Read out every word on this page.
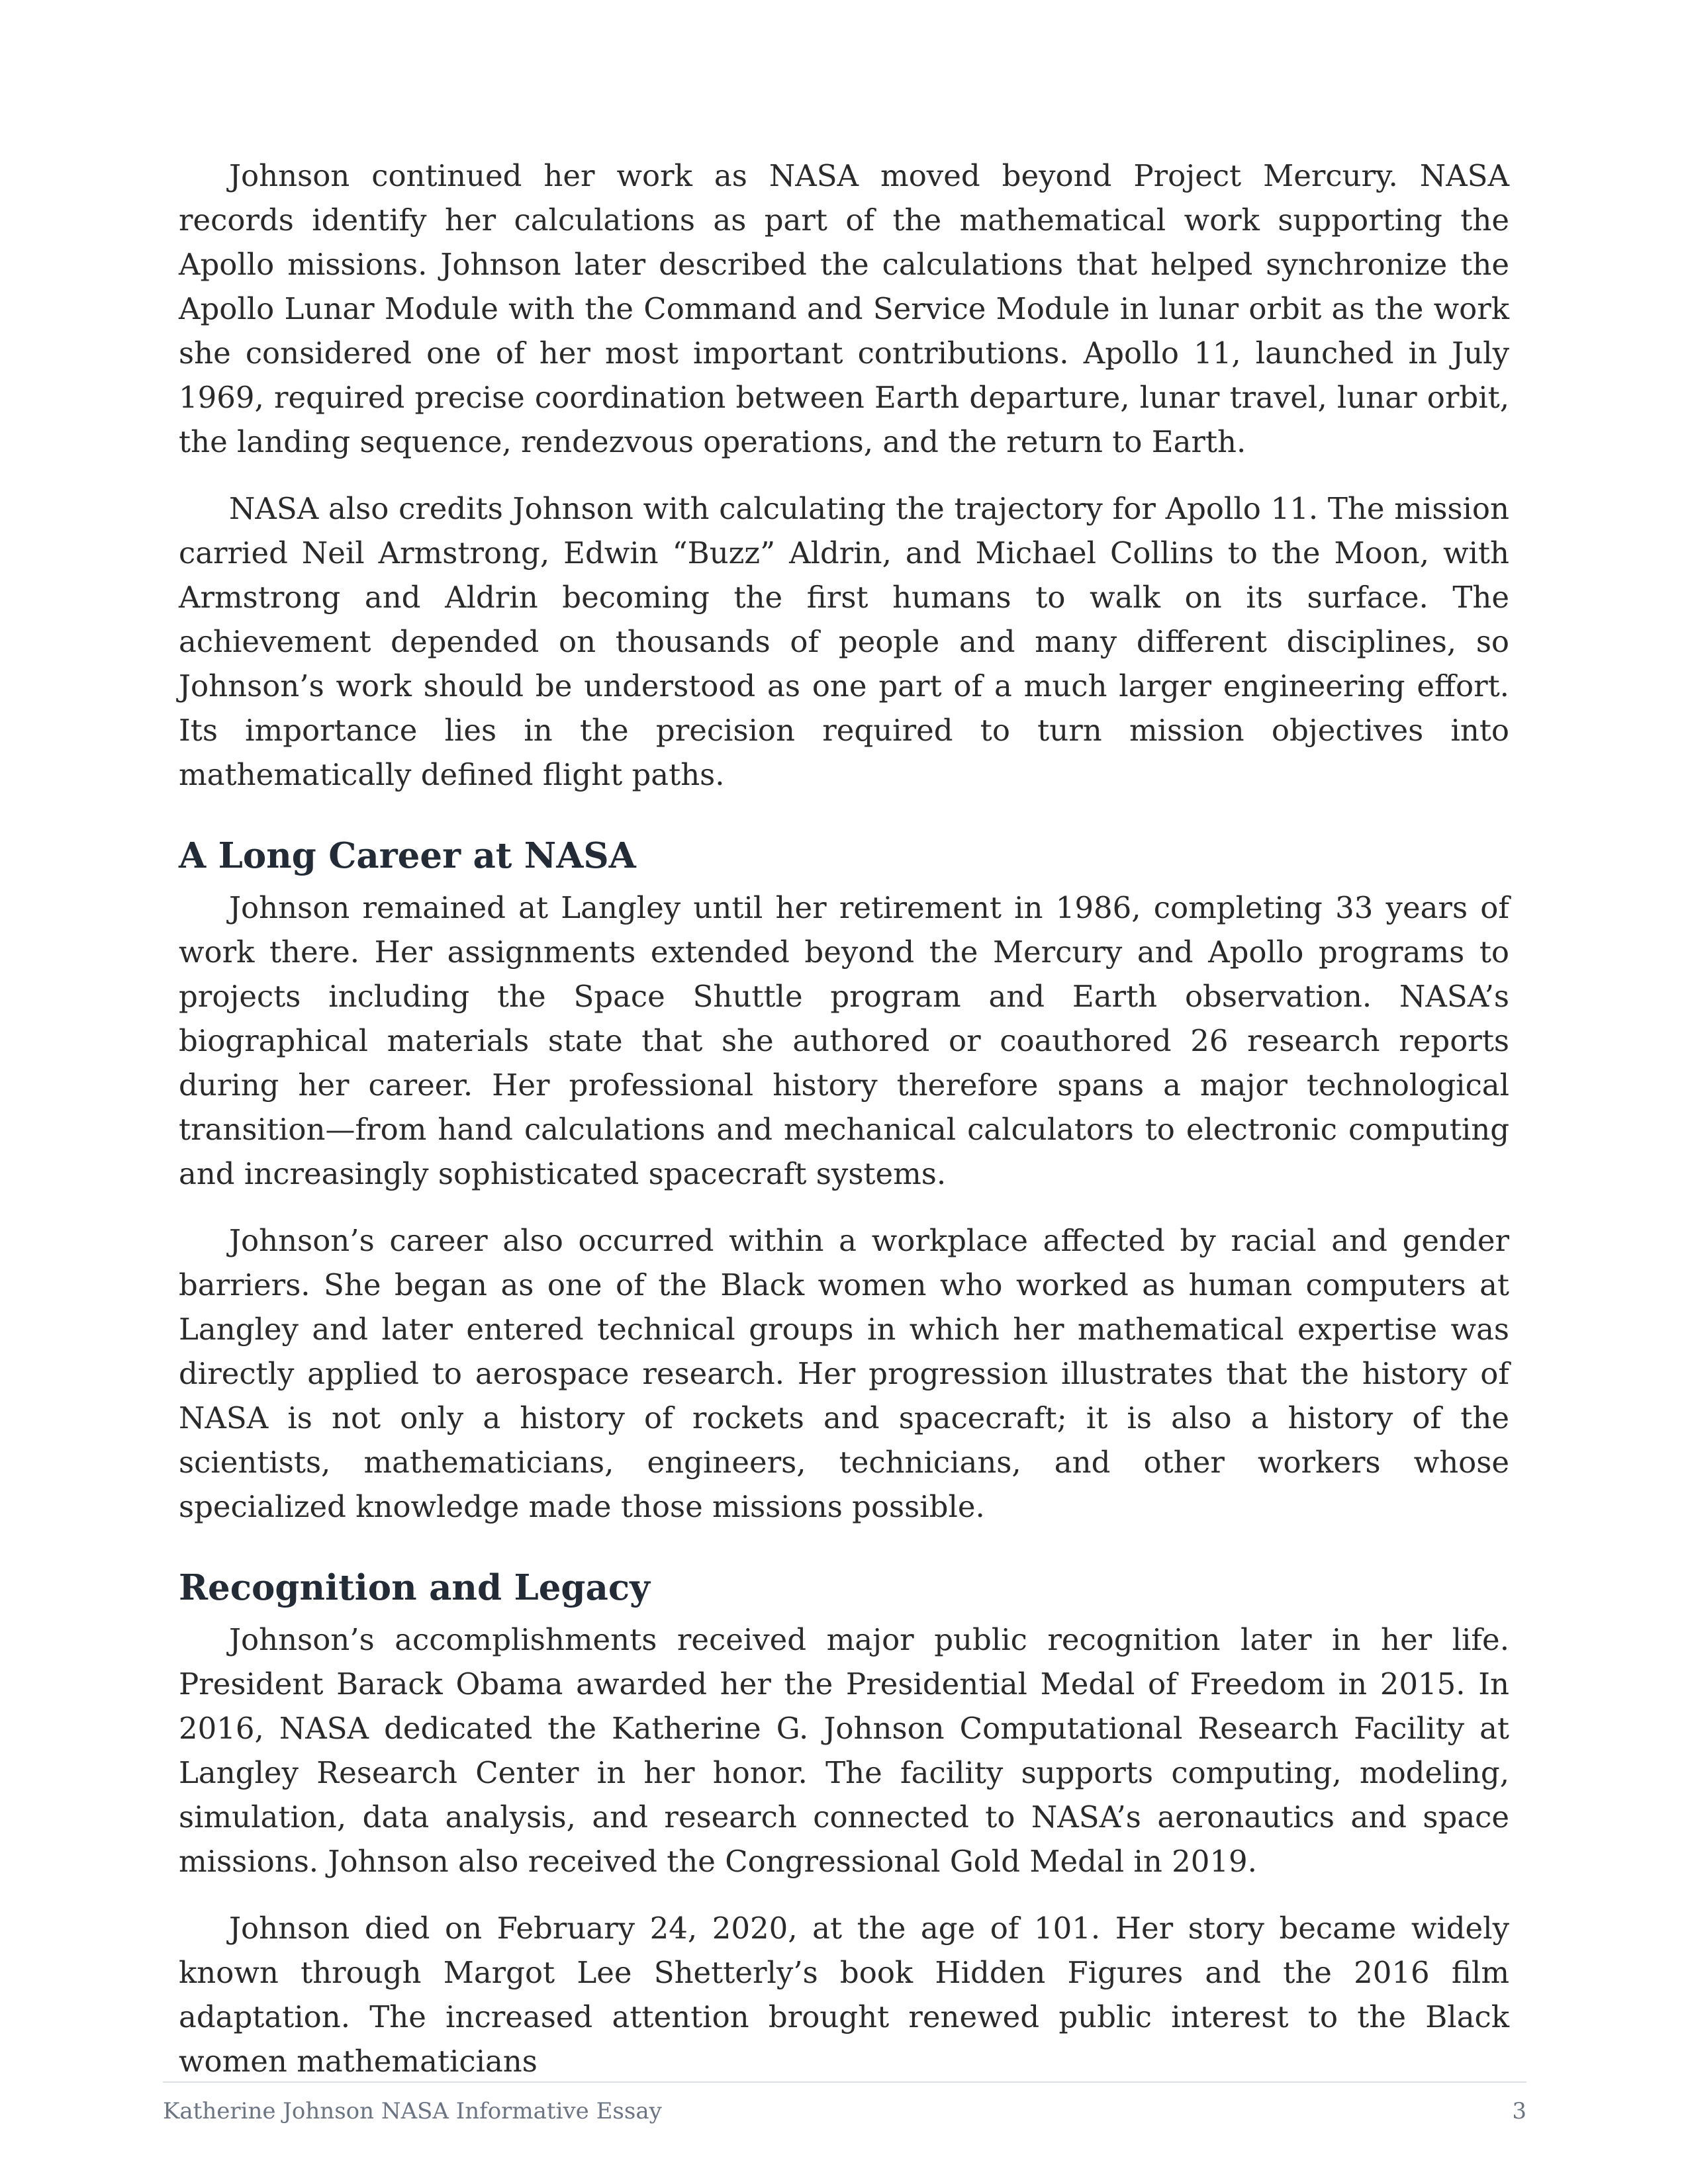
Johnson continued her work as NASA moved beyond Project Mercury. NASA records identify her calculations as part of the mathematical work supporting the Apollo missions. Johnson later described the calculations that helped synchronize the Apollo Lunar Module with the Command and Service Module in lunar orbit as the work she considered one of her most important contributions. Apollo 11, launched in July 1969, required precise coordination between Earth departure, lunar travel, lunar orbit, the landing sequence, rendezvous operations, and the return to Earth.

NASA also credits Johnson with calculating the trajectory for Apollo 11. The mission carried Neil Armstrong, Edwin “Buzz” Aldrin, and Michael Collins to the Moon, with Armstrong and Aldrin becoming the first humans to walk on its surface. The achievement depended on thousands of people and many different disciplines, so Johnson’s work should be understood as one part of a much larger engineering effort. Its importance lies in the precision required to turn mission objectives into mathematically defined flight paths.

A Long Career at NASA

Johnson remained at Langley until her retirement in 1986, completing 33 years of work there. Her assignments extended beyond the Mercury and Apollo programs to projects including the Space Shuttle program and Earth observation. NASA’s biographical materials state that she authored or coauthored 26 research reports during her career. Her professional history therefore spans a major technological transition—from hand calculations and mechanical calculators to electronic computing and increasingly sophisticated spacecraft systems.

Johnson’s career also occurred within a workplace affected by racial and gender barriers. She began as one of the Black women who worked as human computers at Langley and later entered technical groups in which her mathematical expertise was directly applied to aerospace research. Her progression illustrates that the history of NASA is not only a history of rockets and spacecraft; it is also a history of the scientists, mathematicians, engineers, technicians, and other workers whose specialized knowledge made those missions possible.

Recognition and Legacy

Johnson’s accomplishments received major public recognition later in her life. President Barack Obama awarded her the Presidential Medal of Freedom in 2015. In 2016, NASA dedicated the Katherine G. Johnson Computational Research Facility at Langley Research Center in her honor. The facility supports computing, modeling, simulation, data analysis, and research connected to NASA’s aeronautics and space missions. Johnson also received the Congressional Gold Medal in 2019.

Johnson died on February 24, 2020, at the age of 101. Her story became widely known through Margot Lee Shetterly’s book Hidden Figures and the 2016 film adaptation. The increased attention brought renewed public interest to the Black women mathematicians

Katherine Johnson NASA Informative Essay	3
